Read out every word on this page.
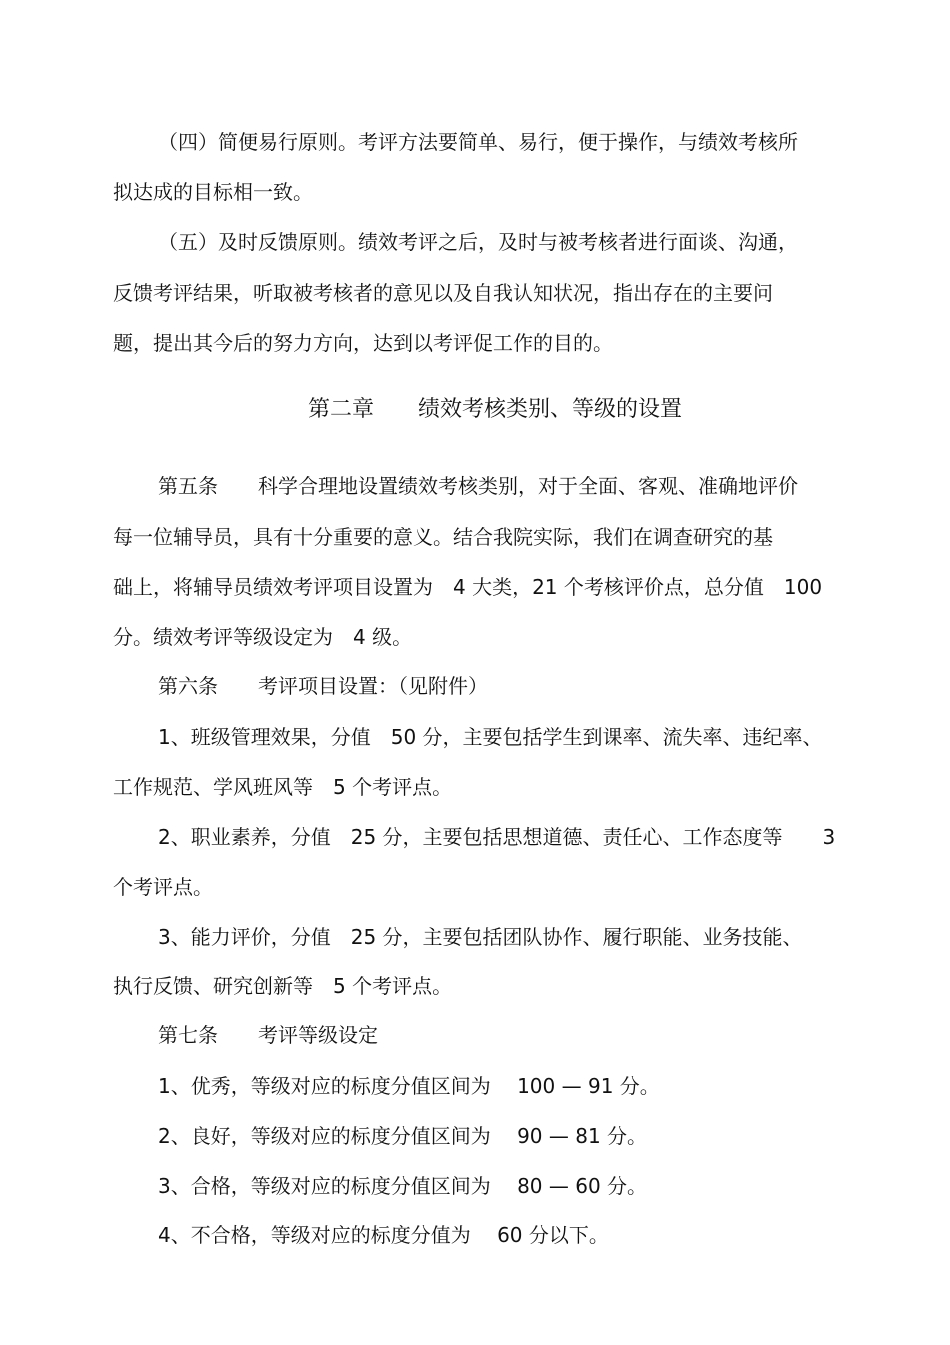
（四）简便易行原则。考评方法要简单、易行，便于操作，与绩效考核所
拟达成的目标相一致。
（五）及时反馈原则。绩效考评之后，及时与被考核者进行面谈、沟通，
反馈考评结果，听取被考核者的意见以及自我认知状况，指出存在的主要问
题，提出其今后的努力方向，达到以考评促工作的目的。
第二章　　绩效考核类别、等级的设置
第五条　　科学合理地设置绩效考核类别，对于全面、客观、准确地评价
每一位辅导员，具有十分重要的意义。结合我院实际，我们在调查研究的基
础上，将辅导员绩效考评项目设置为　4 大类，21 个考核评价点，总分值　100
分。绩效考评等级设定为　4 级。
第六条　　考评项目设置：（见附件）
1、班级管理效果，分值　50 分，主要包括学生到课率、流失率、违纪率、
工作规范、学风班风等　5 个考评点。
2、职业素养，分值　25 分，主要包括思想道德、责任心、工作态度等　　3
个考评点。
3、能力评价，分值　25 分，主要包括团队协作、履行职能、业务技能、
执行反馈、研究创新等　5 个考评点。
第七条　　考评等级设定
1、优秀，等级对应的标度分值区间为　 100 — 91 分。
2、良好，等级对应的标度分值区间为　 90 — 81 分。
3、合格，等级对应的标度分值区间为　 80 — 60 分。
4、不合格，等级对应的标度分值为　 60 分以下。
